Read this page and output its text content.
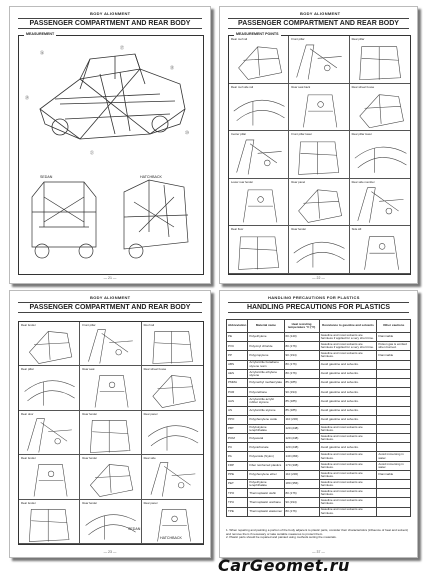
BODY ALIGNMENT
PASSENGER COMPARTMENT AND REAR BODY
MEASUREMENT
⑯
⑰
⑱
⑲
⑳
㉑
SEDAN	HATCHBACK
— 21 —
BODY ALIGNMENT
PASSENGER COMPARTMENT AND REAR BODY
MEASUREMENT POINTS
Rear roof rail	Front pillar	Rear pillar
Rear roof side rail	Rear seat back	Rear wheel house
Center pillar	Front pillar lower	Rear pillar lower
Lower rear fender	Rear panel	Rear side member
Rear floor	Rear fender	Side sill
— 22 —
BODY ALIGNMENT
PASSENGER COMPARTMENT AND REAR BODY
Rear fender	Front pillar	Roof rail
Rear pillar	Rear seat	Rear wheel house
Rear door	Rear fender	Rear panel
Rear fender	Rear fender	Rear side
Rear fender	Rear fender	Rear panel
SEDAN
HATCHBACK
— 23 —
HANDLING PRECAUTIONS FOR PLASTICS
HANDLING PRECAUTIONS FOR PLASTICS
Abbreviation	Material name	Heat resisting temperature °C (°F)	Resistance to gasoline and solvents	Other cautions
PE	Polyethylene	60 (140)	Gasoline and most solvents are harmless if applied for a very short time.	Flammable
PVC	Polyvinyl chloride	80 (176)	Gasoline and most solvents are harmless if applied for a very short time.	Poison gas is emitted when burned.
PP	Polypropylene	90 (194)	Gasoline and most solvents are harmless.	Flammable
ABS	Acrylonitrile butadiene styrene resin	80 (176)	Avoid gasoline and solvents.	
AES	Acrylonitrile ethylene styrene	80 (176)	Avoid gasoline and solvents.	
PMMA	Polymethyl methacrylate	85 (185)	Avoid gasoline and solvents.	
PUR	Polyurethane	90 (194)	Avoid gasoline and solvents.	
AAS	Acrylonitrile acrylic rubber styrene	85 (185)	Avoid gasoline and solvents.	
AS	Acrylonitrile styrene	85 (185)	Avoid gasoline and solvents.	
PPO	Polyphenylene oxide	110 (230)	Avoid gasoline and solvents.	
PBT	Polybutylene terephthalate	120 (248)	Gasoline and most solvents are harmless.	
POM	Polyacetal	120 (248)	Gasoline and most solvents are harmless.	
PC	Polycarbonate	120 (248)	Avoid gasoline and solvents.	
PA	Polyamide (Nylon)	140 (284)	Gasoline and most solvents are harmless.	Avoid immersing in water.
FRP	Fiber reinforced plastics	170 (338)	Gasoline and most solvents are harmless.	Avoid immersing in water.
PPE	Polyphenylene ether	110 (230)	Gasoline and most solvents are harmless.	Flammable
PET	Polyethylene terephthalate	180 (356)	Gasoline and most solvents are harmless.	
TPO	Thermoplastic olefin	80 (176)	Gasoline and most solvents are harmless.	
TPU	Thermoplastic urethane	90 (194)	Gasoline and most solvents are harmless.	
TPE	Thermoplastic elastomer	80 (176)	Gasoline and most solvents are harmless.	
1. When repairing and painting a portion of the body adjacent to plastic parts, consider their characteristics (influence of heat and solvent) and remove them if necessary or take suitable measures to protect them.
2. Plastic parts should be repaired and painted using methods suiting the materials.
— 37 —
CarGeomet.ru
